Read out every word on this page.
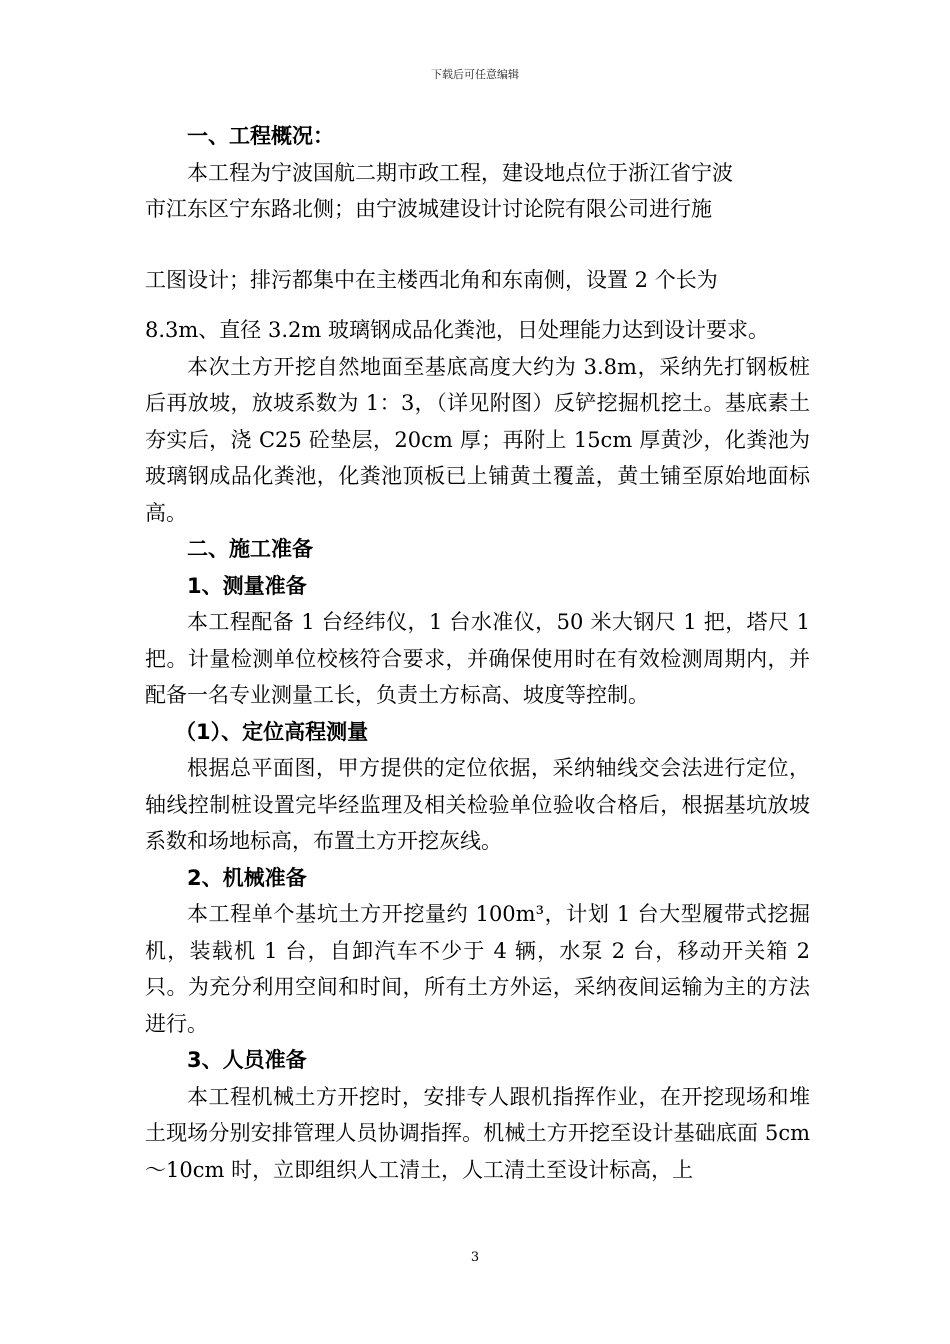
下载后可任意编辑
一、工程概况：
本工程为宁波国航二期市政工程，建设地点位于浙江省宁波
市江东区宁东路北侧；由宁波城建设计讨论院有限公司进行施
工图设计；排污都集中在主楼西北角和东南侧，设置 2 个长为
8.3m、直径 3.2m 玻璃钢成品化粪池，日处理能力达到设计要求。

本次土方开挖自然地面至基底高度大约为 3.8m，采纳先打钢板桩后再放坡，放坡系数为 1：3，（详见附图）反铲挖掘机挖土。基底素土夯实后，浇 C25 砼垫层，20cm 厚；再附上 15cm 厚黄沙，化粪池为玻璃钢成品化粪池，化粪池顶板已上铺黄土覆盖，黄土铺至原始地面标高。

二、施工准备
1、测量准备

本工程配备 1 台经纬仪，1 台水准仪，50 米大钢尺 1 把，塔尺 1 把。计量检测单位校核符合要求，并确保使用时在有效检测周期内，并配备一名专业测量工长，负责土方标高、坡度等控制。

（1）、定位高程测量

根据总平面图，甲方提供的定位依据，采纳轴线交会法进行定位，轴线控制桩设置完毕经监理及相关检验单位验收合格后，根据基坑放坡系数和场地标高，布置土方开挖灰线。

2、机械准备

本工程单个基坑土方开挖量约 100m³，计划 1 台大型履带式挖掘机，装载机 1 台，自卸汽车不少于 4 辆，水泵 2 台，移动开关箱 2 只。为充分利用空间和时间，所有土方外运，采纳夜间运输为主的方法进行。

3、人员准备

本工程机械土方开挖时，安排专人跟机指挥作业，在开挖现场和堆土现场分别安排管理人员协调指挥。机械土方开挖至设计基础底面 5cm～10cm 时，立即组织人工清土，人工清土至设计标高，上

3
